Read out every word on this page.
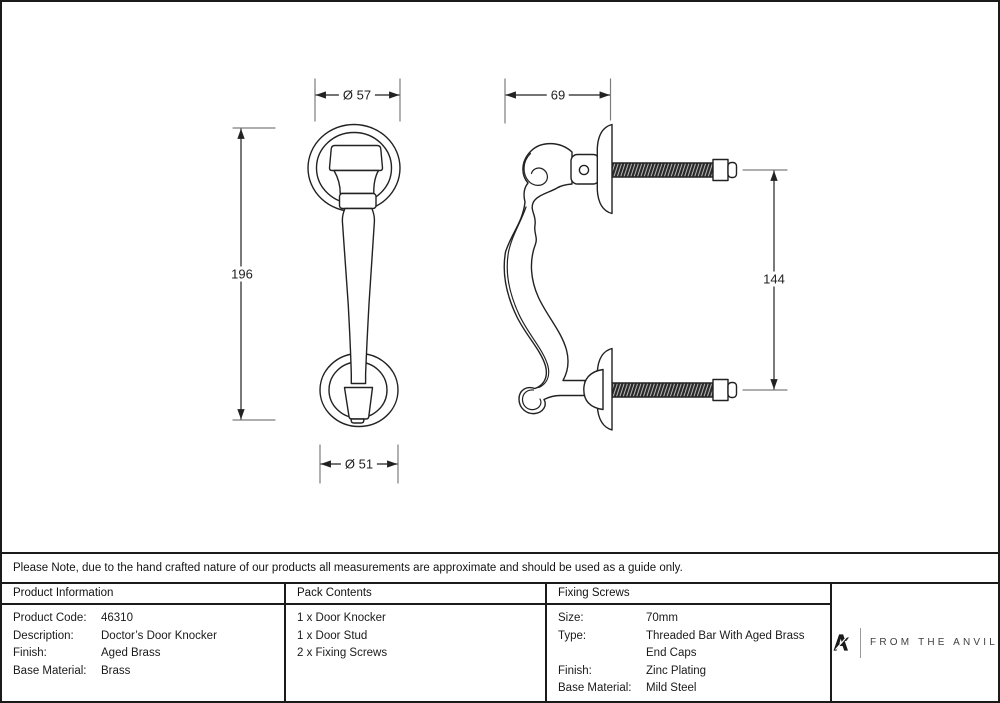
Ø 57
196
Ø 51
69
144
Please Note, due to the hand crafted nature of our products all measurements are approximate and should be used as a guide only.
Product Information	Pack Contents	Fixing Screws
Product Code:	46310
Description:	Doctor’s Door Knocker
Finish:	Aged Brass
Base Material:	Brass
1 x Door Knocker
1 x Door Stud
2 x Fixing Screws
Size:	70mm
Type:	Threaded Bar With Aged Brass
End Caps
Finish:	Zinc Plating
Base Material:	Mild Steel
FROM THE ANVIL
